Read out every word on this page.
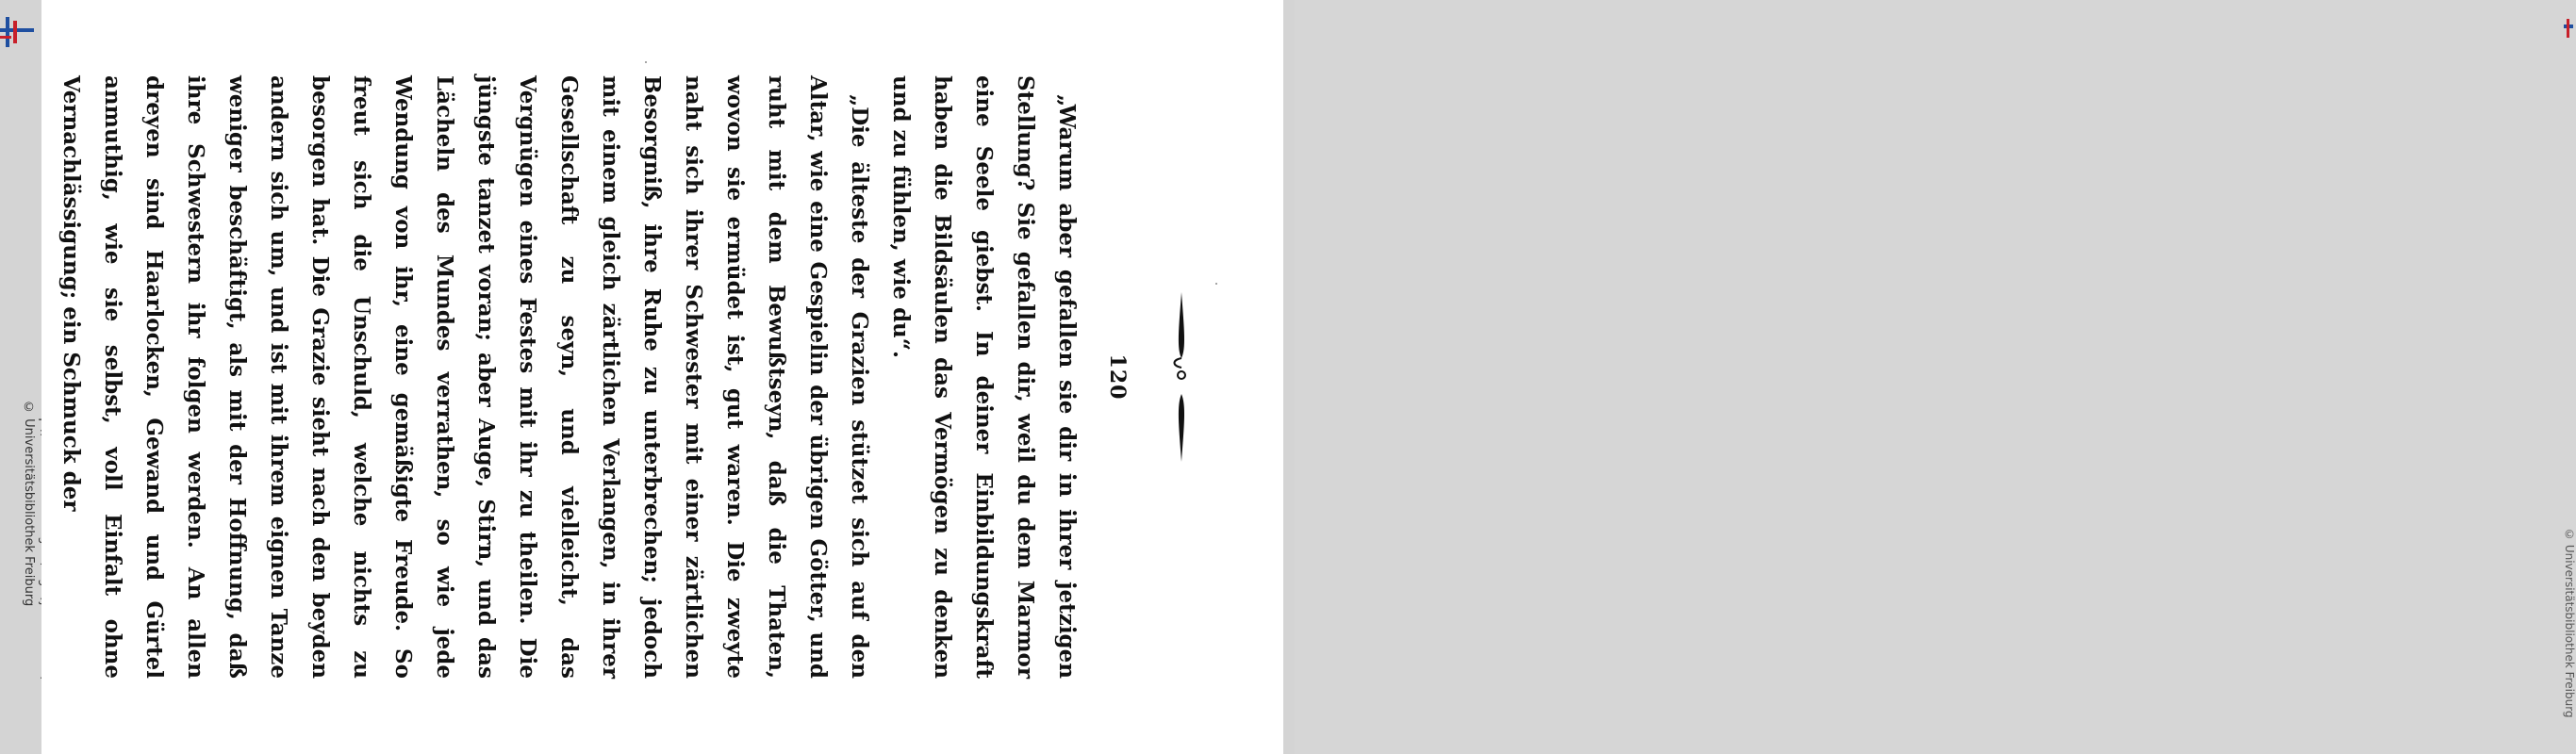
© Universitätsbibliothek Freiburg
120

„Warum aber gefallen sie dir in ihrer jetzigen Stellung? Sie gefallen dir, weil du dem Marmor eine Seele giebst. In deiner Einbildungskraft haben die Bildsäulen das Vermögen zu denken und zu fühlen, wie du“.

„Die älteste der Grazien stützet sich auf den Altar, wie eine Gespielin der übrigen Götter, und ruht mit dem Bewußtseyn, daß die Thaten, wovon sie ermüdet ist, gut waren. Die zweyte naht sich ihrer Schwester mit einer zärtlichen Besorgniß, ihre Ruhe zu unterbrechen; jedoch mit einem gleich zärtlichen Verlangen, in ihrer Gesellschaft zu seyn, und vielleicht, das Vergnügen eines Festes mit ihr zu theilen. Die jüngste tanzet voran; aber Auge, Stirn, und das Lächeln des Mundes verrathen, so wie jede Wendung von ihr, eine gemäßigte Freude. So freut sich die Unschuld, welche nichts zu besorgen hat. Die Grazie sieht nach den beyden andern sich um, und ist mit ihrem eignen Tanze weniger beschäftigt, als mit der Hoffnung, daß ihre Schwestern ihr folgen werden. An allen dreyen sind Haarlocken, Gewand und Gürtel anmuthig, wie sie selbst, voll Einfalt ohne Vernachlässigung; ein Schmuck der

© Universitätsbibliothek Freiburg
